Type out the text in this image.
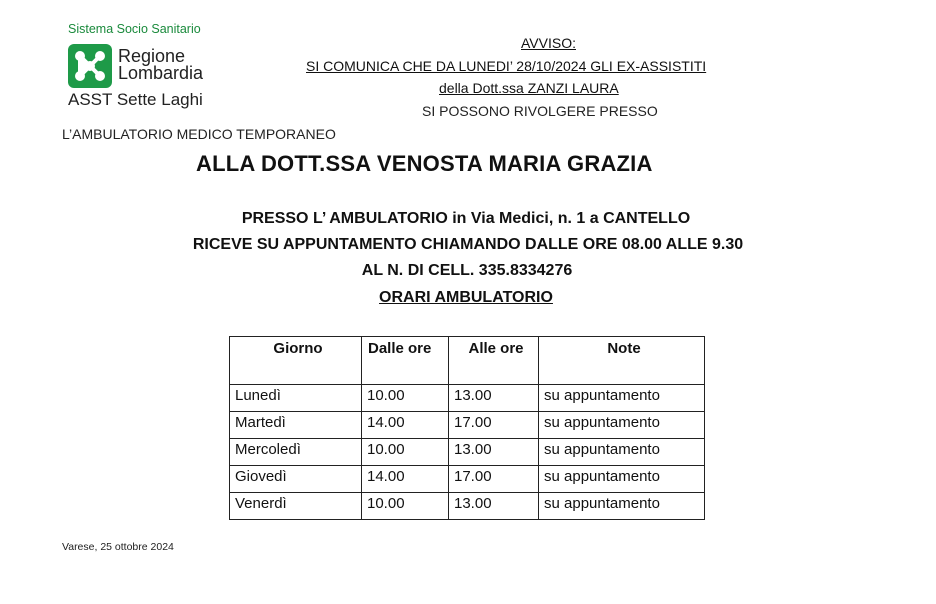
Sistema Socio Sanitario
Regione
Lombardia
ASST Sette Laghi
AVVISO:
SI COMUNICA CHE DA LUNEDI’ 28/10/2024 GLI EX-ASSISTITI
della Dott.ssa ZANZI LAURA
SI POSSONO RIVOLGERE PRESSO
L’AMBULATORIO MEDICO TEMPORANEO
ALLA DOTT.SSA VENOSTA MARIA GRAZIA
PRESSO L’ AMBULATORIO in Via Medici, n. 1 a CANTELLO
RICEVE SU APPUNTAMENTO CHIAMANDO DALLE ORE 08.00 ALLE 9.30
AL N. DI CELL. 335.8334276
ORARI AMBULATORIO
Giorno	Dalle ore	Alle ore	Note
Lunedì	10.00	13.00	su appuntamento
Martedì	14.00	17.00	su appuntamento
Mercoledì	10.00	13.00	su appuntamento
Giovedì	14.00	17.00	su appuntamento
Venerdì	10.00	13.00	su appuntamento
Varese, 25 ottobre 2024
